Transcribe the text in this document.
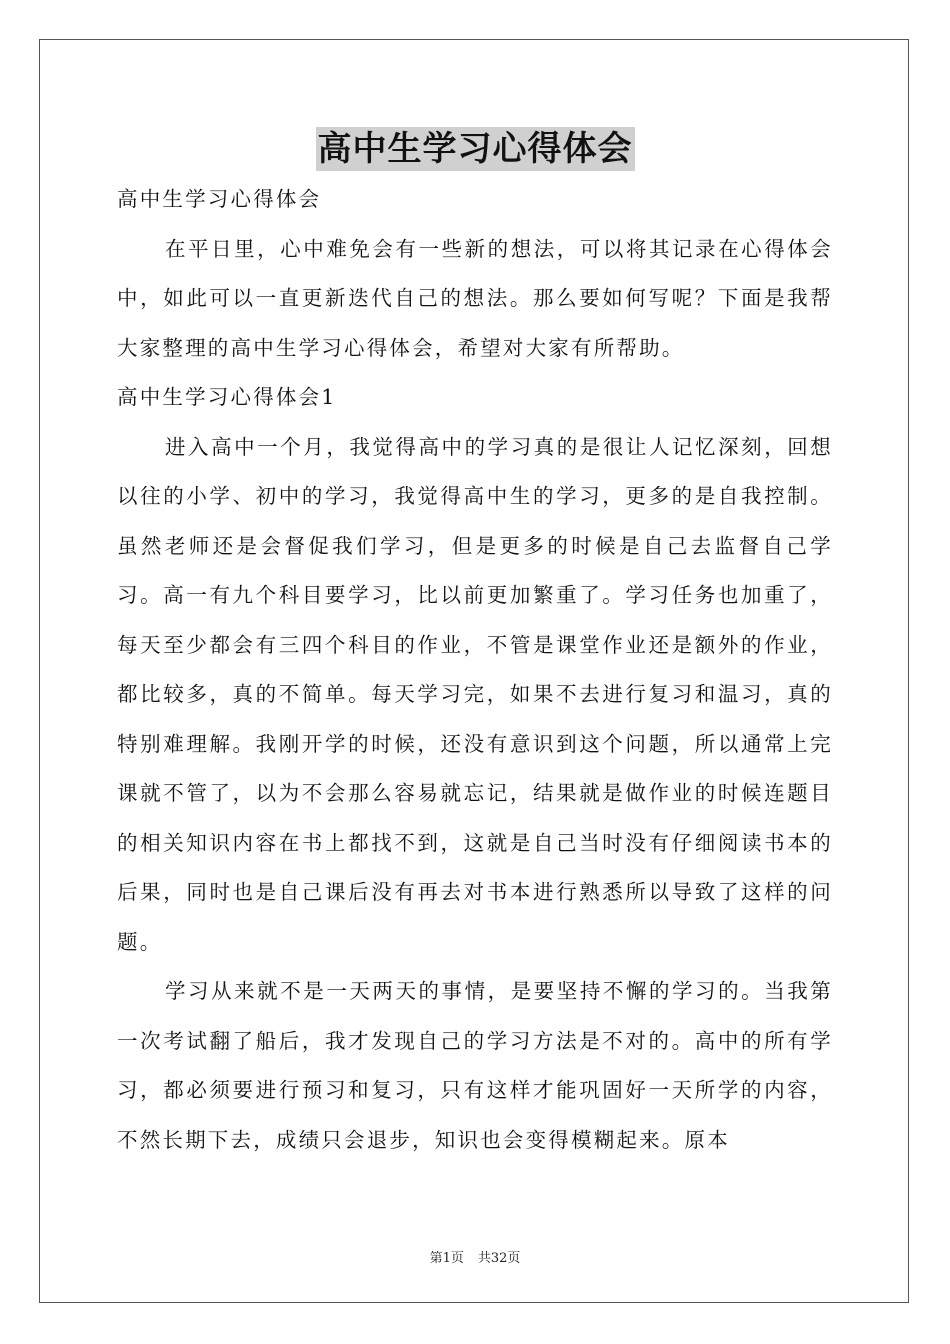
高中生学习心得体会

高中生学习心得体会

在平日里，心中难免会有一些新的想法，可以将其记录在心得体会中，如此可以一直更新迭代自己的想法。那么要如何写呢？下面是我帮大家整理的高中生学习心得体会，希望对大家有所帮助。

高中生学习心得体会1

进入高中一个月，我觉得高中的学习真的是很让人记忆深刻，回想以往的小学、初中的学习，我觉得高中生的学习，更多的是自我控制。虽然老师还是会督促我们学习，但是更多的时候是自己去监督自己学习。高一有九个科目要学习，比以前更加繁重了。学习任务也加重了，每天至少都会有三四个科目的作业，不管是课堂作业还是额外的作业，都比较多，真的不简单。每天学习完，如果不去进行复习和温习，真的特别难理解。我刚开学的时候，还没有意识到这个问题，所以通常上完课就不管了，以为不会那么容易就忘记，结果就是做作业的时候连题目的相关知识内容在书上都找不到，这就是自己当时没有仔细阅读书本的后果，同时也是自己课后没有再去对书本进行熟悉所以导致了这样的问题。

学习从来就不是一天两天的事情，是要坚持不懈的学习的。当我第一次考试翻了船后，我才发现自己的学习方法是不对的。高中的所有学习，都必须要进行预习和复习，只有这样才能巩固好一天所学的内容，不然长期下去，成绩只会退步，知识也会变得模糊起来。原本

第1页 共32页
